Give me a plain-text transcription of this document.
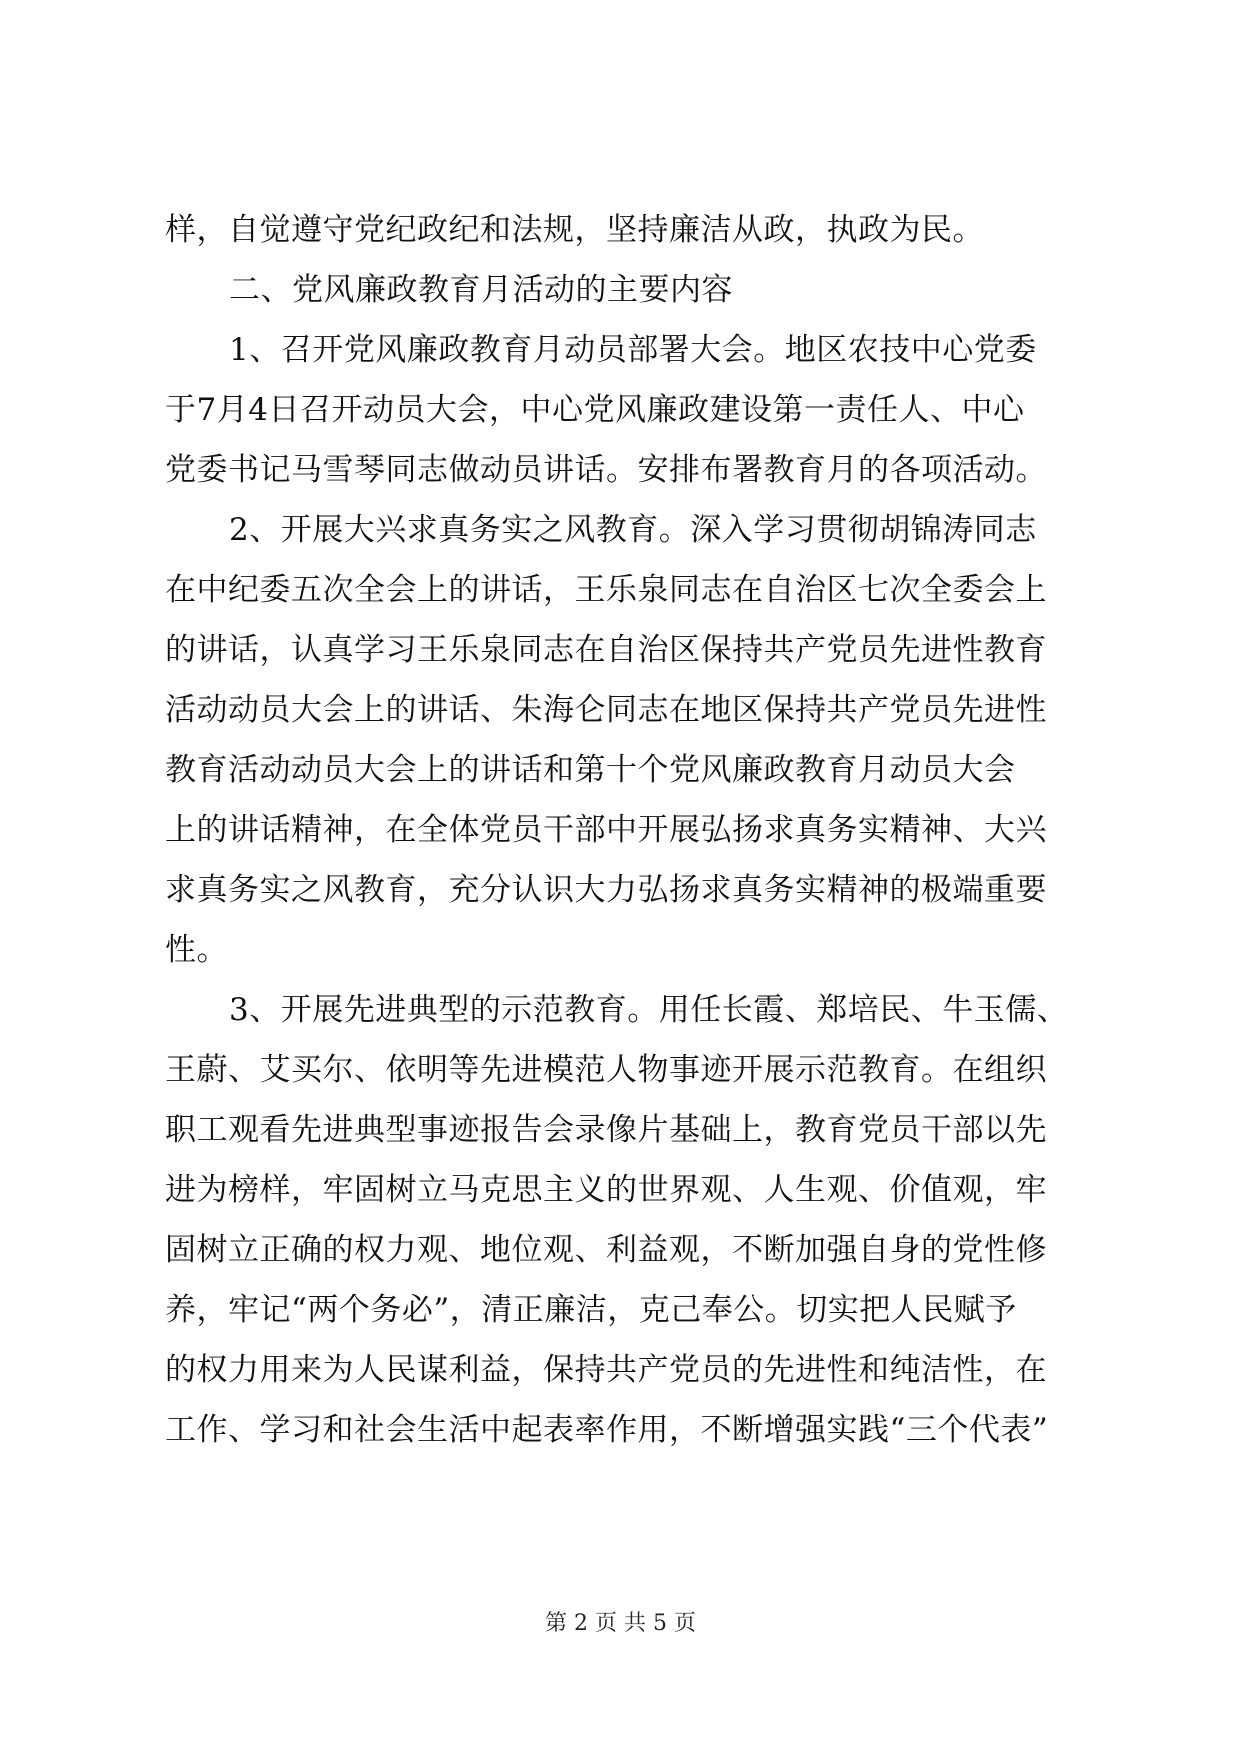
样，自觉遵守党纪政纪和法规，坚持廉洁从政，执政为民。
二、党风廉政教育月活动的主要内容
1、召开党风廉政教育月动员部署大会。地区农技中心党委
于7月4日召开动员大会，中心党风廉政建设第一责任人、中心
党委书记马雪琴同志做动员讲话。安排布署教育月的各项活动。
2、开展大兴求真务实之风教育。深入学习贯彻胡锦涛同志
在中纪委五次全会上的讲话，王乐泉同志在自治区七次全委会上
的讲话，认真学习王乐泉同志在自治区保持共产党员先进性教育
活动动员大会上的讲话、朱海仑同志在地区保持共产党员先进性
教育活动动员大会上的讲话和第十个党风廉政教育月动员大会
上的讲话精神，在全体党员干部中开展弘扬求真务实精神、大兴
求真务实之风教育，充分认识大力弘扬求真务实精神的极端重要
性。
3、开展先进典型的示范教育。用任长霞、郑培民、牛玉儒、
王蔚、艾买尔、依明等先进模范人物事迹开展示范教育。在组织
职工观看先进典型事迹报告会录像片基础上，教育党员干部以先
进为榜样，牢固树立马克思主义的世界观、人生观、价值观，牢
固树立正确的权力观、地位观、利益观，不断加强自身的党性修
养，牢记“两个务必”，清正廉洁，克己奉公。切实把人民赋予
的权力用来为人民谋利益，保持共产党员的先进性和纯洁性，在
工作、学习和社会生活中起表率作用，不断增强实践“三个代表”
第 2 页 共 5 页
